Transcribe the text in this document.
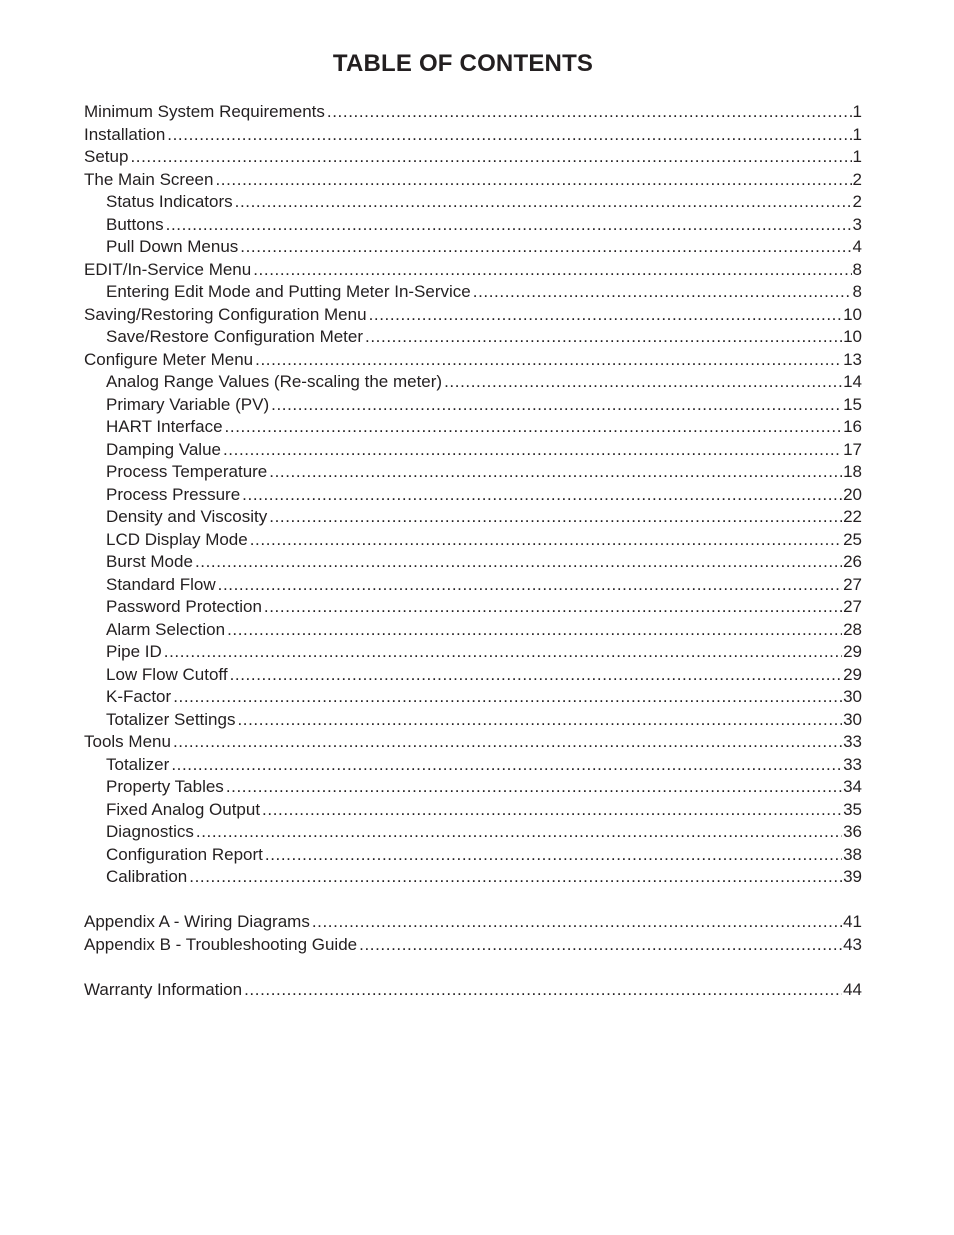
TABLE OF CONTENTS
Minimum System Requirements .....	1
Installation .....	1
Setup .....	1
The Main Screen .....	2
Status Indicators .....	2
Buttons .....	3
Pull Down Menus .....	4
EDIT/In-Service Menu .....	8
Entering Edit Mode and Putting Meter In-Service .....	8
Saving/Restoring Configuration Menu .....	10
Save/Restore Configuration Meter .....	10
Configure Meter Menu .....	13
Analog Range Values (Re-scaling the meter) .....	14
Primary Variable (PV) .....	15
HART Interface .....	16
Damping Value .....	17
Process Temperature .....	18
Process Pressure .....	20
Density and Viscosity .....	22
LCD Display Mode .....	25
Burst Mode .....	26
Standard Flow .....	27
Password Protection .....	27
Alarm Selection .....	28
Pipe ID .....	29
Low Flow Cutoff .....	29
K-Factor .....	30
Totalizer Settings .....	30
Tools Menu .....	33
Totalizer .....	33
Property Tables .....	34
Fixed Analog Output .....	35
Diagnostics .....	36
Configuration Report .....	38
Calibration .....	39
Appendix A - Wiring Diagrams .....	41
Appendix B - Troubleshooting Guide .....	43
Warranty Information .....	44
